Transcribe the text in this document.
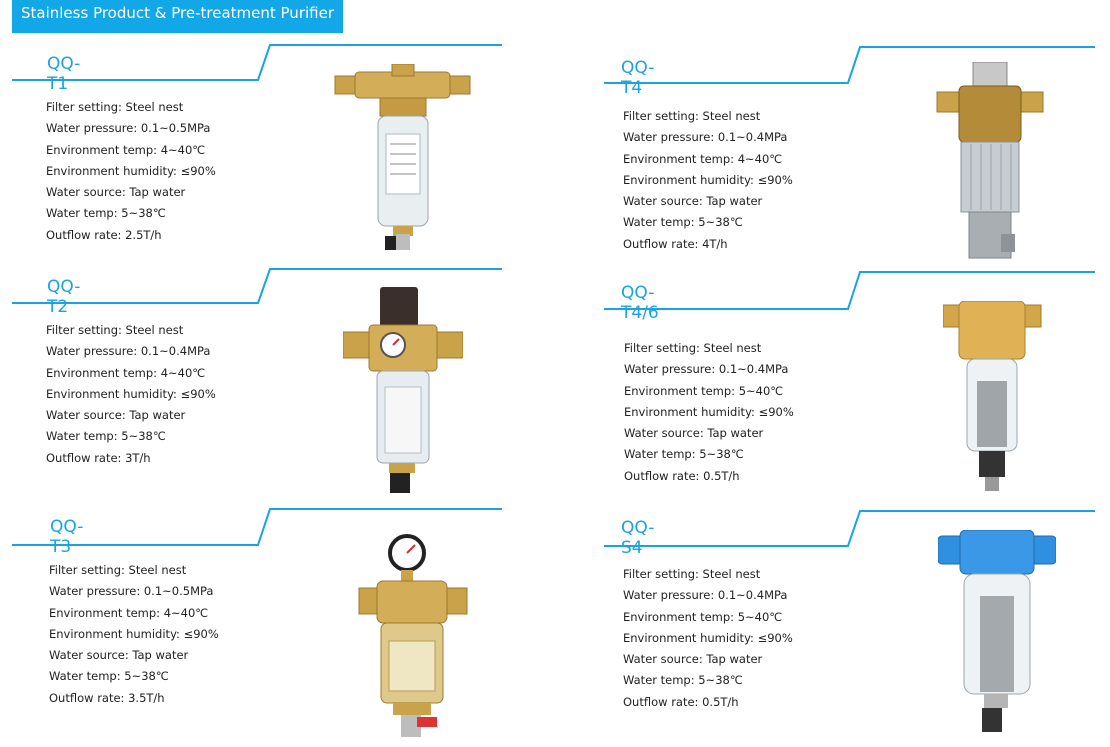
Stainless Product & Pre-treatment Purifier
QQ-T1
Filter setting: Steel nest
Water pressure: 0.1~0.5MPa
Environment temp: 4~40℃
Environment humidity: ≤90%
Water source: Tap water
Water temp: 5~38℃
Outflow rate: 2.5T/h
QQ-T2
Filter setting: Steel nest
Water pressure: 0.1~0.4MPa
Environment temp: 4~40℃
Environment humidity: ≤90%
Water source: Tap water
Water temp: 5~38℃
Outflow rate: 3T/h
QQ-T3
Filter setting: Steel nest
Water pressure: 0.1~0.5MPa
Environment temp: 4~40℃
Environment humidity: ≤90%
Water source: Tap water
Water temp: 5~38℃
Outflow rate: 3.5T/h
QQ-T4
Filter setting: Steel nest
Water pressure: 0.1~0.4MPa
Environment temp: 4~40℃
Environment humidity: ≤90%
Water source: Tap water
Water temp: 5~38℃
Outflow rate: 4T/h
QQ-T4/6
Filter setting: Steel nest
Water pressure: 0.1~0.4MPa
Environment temp: 5~40℃
Environment humidity: ≤90%
Water source: Tap water
Water temp: 5~38℃
Outflow rate: 0.5T/h
QQ-S4
Filter setting: Steel nest
Water pressure: 0.1~0.4MPa
Environment temp: 5~40℃
Environment humidity: ≤90%
Water source: Tap water
Water temp: 5~38℃
Outflow rate: 0.5T/h
